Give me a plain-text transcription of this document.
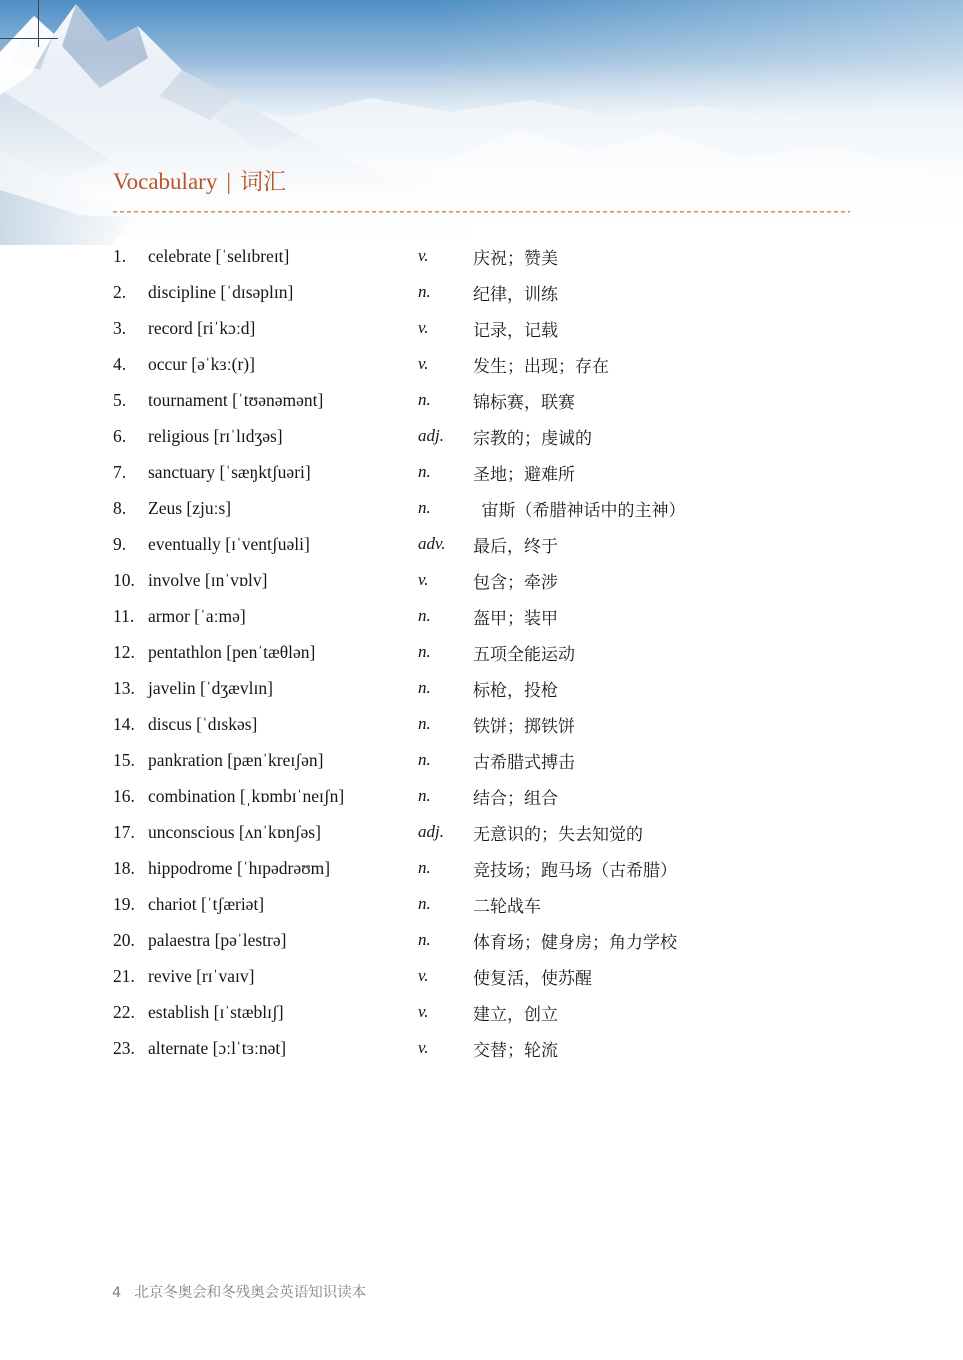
Vocabulary | 词汇
1.	celebrate [ˈselɪbreɪt]	v.	庆祝；赞美
2.	discipline [ˈdɪsəplɪn]	n.	纪律，训练
3.	record [riˈkɔːd]	v.	记录，记载
4.	occur [əˈkɜː(r)]	v.	发生；出现；存在
5.	tournament [ˈtʊənəmənt]	n.	锦标赛，联赛
6.	religious [rɪˈlɪdʒəs]	adj.	宗教的；虔诚的
7.	sanctuary [ˈsæŋktʃuəri]	n.	圣地；避难所
8.	Zeus [zjuːs]	n.	 宙斯（希腊神话中的主神）
9.	eventually [ɪˈventʃuəli]	adv.	最后，终于
10. involve [ɪnˈvɒlv]	v.	包含；牵涉
11. armor [ˈaːmə]	n.	盔甲；装甲
12. pentathlon [penˈtæθlən]	n.	五项全能运动
13. javelin [ˈdʒævlɪn]	n.	标枪，投枪
14. discus [ˈdɪskəs]	n.	铁饼；掷铁饼
15. pankration [pænˈkreɪʃən]	n.	古希腊式搏击
16. combination [ˌkɒmbɪˈneɪʃn]	n.	结合；组合
17. unconscious [ʌnˈkɒnʃəs]	adj.	无意识的；失去知觉的
18. hippodrome [ˈhɪpədrəʊm]	n.	竞技场；跑马场（古希腊）
19. chariot [ˈtʃæriət]	n.	二轮战车
20. palaestra [pəˈlestrə]	n.	体育场；健身房；角力学校
21. revive [rɪˈvaɪv]	v.	使复活，使苏醒
22. establish [ɪˈstæblɪʃ]	v.	建立，创立
23. alternate [ɔːlˈtɜːnət]	v.	交替；轮流
4 北京冬奥会和冬残奥会英语知识读本
